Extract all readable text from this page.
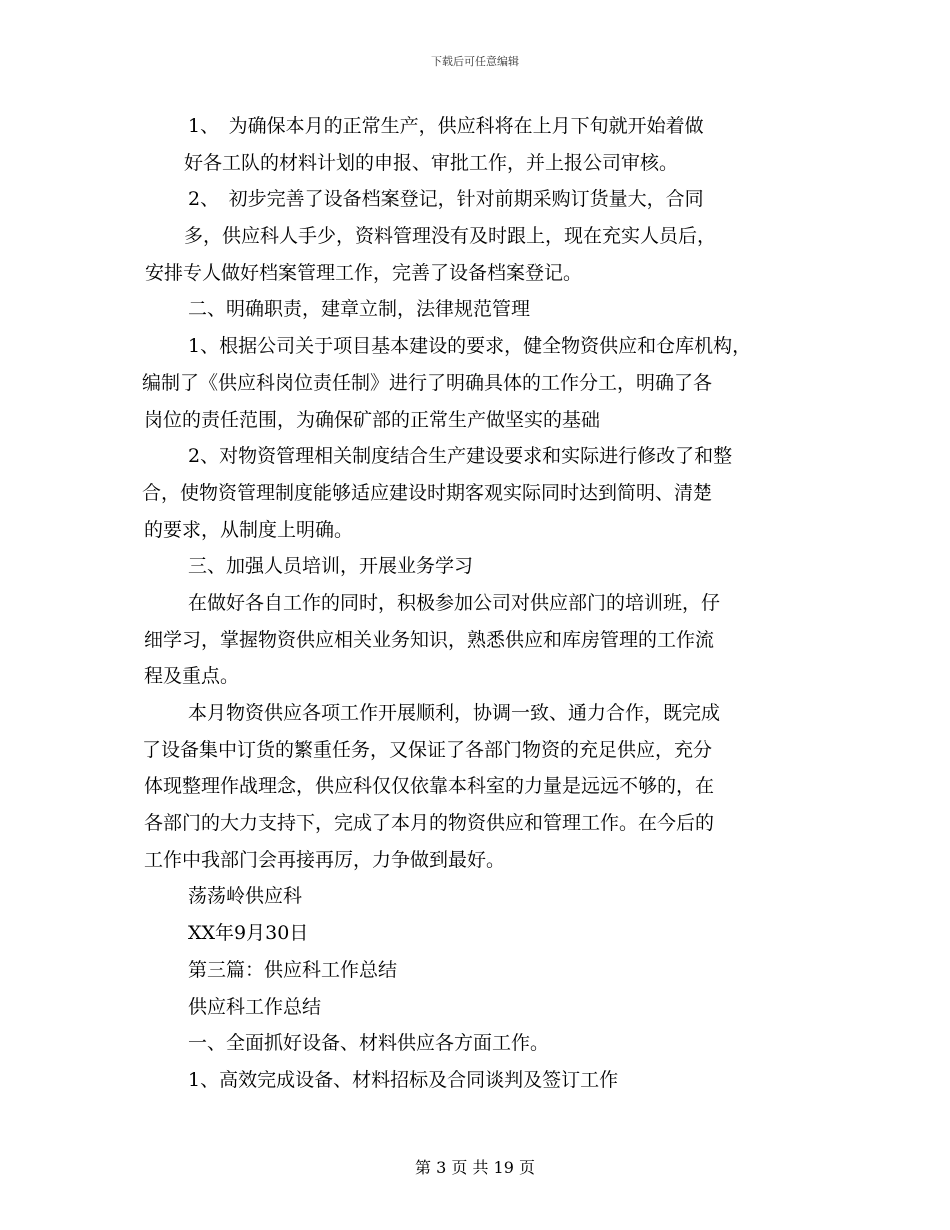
下载后可任意编辑
1、　为确保本月的正常生产，供应科将在上月下旬就开始着做
好各工队的材料计划的申报、审批工作，并上报公司审核。
2、　初步完善了设备档案登记，针对前期采购订货量大，合同
多，供应科人手少，资料管理没有及时跟上，现在充实人员后，
安排专人做好档案管理工作，完善了设备档案登记。
二、明确职责，建章立制，法律规范管理
1、根据公司关于项目基本建设的要求，健全物资供应和仓库机构，
编制了《供应科岗位责任制》进行了明确具体的工作分工，明确了各
岗位的责任范围，为确保矿部的正常生产做坚实的基础
2、对物资管理相关制度结合生产建设要求和实际进行修改了和整
合，使物资管理制度能够适应建设时期客观实际同时达到简明、清楚
的要求，从制度上明确。
三、加强人员培训，开展业务学习
在做好各自工作的同时，积极参加公司对供应部门的培训班，仔
细学习，掌握物资供应相关业务知识，熟悉供应和库房管理的工作流
程及重点。
本月物资供应各项工作开展顺利，协调一致、通力合作，既完成
了设备集中订货的繁重任务，又保证了各部门物资的充足供应，充分
体现整理作战理念，供应科仅仅依靠本科室的力量是远远不够的，在
各部门的大力支持下，完成了本月的物资供应和管理工作。在今后的
工作中我部门会再接再厉，力争做到最好。
荡荡岭供应科
XX年9月30日
第三篇：供应科工作总结
供应科工作总结
一、全面抓好设备、材料供应各方面工作。
1、高效完成设备、材料招标及合同谈判及签订工作
第 3 页 共 19 页
